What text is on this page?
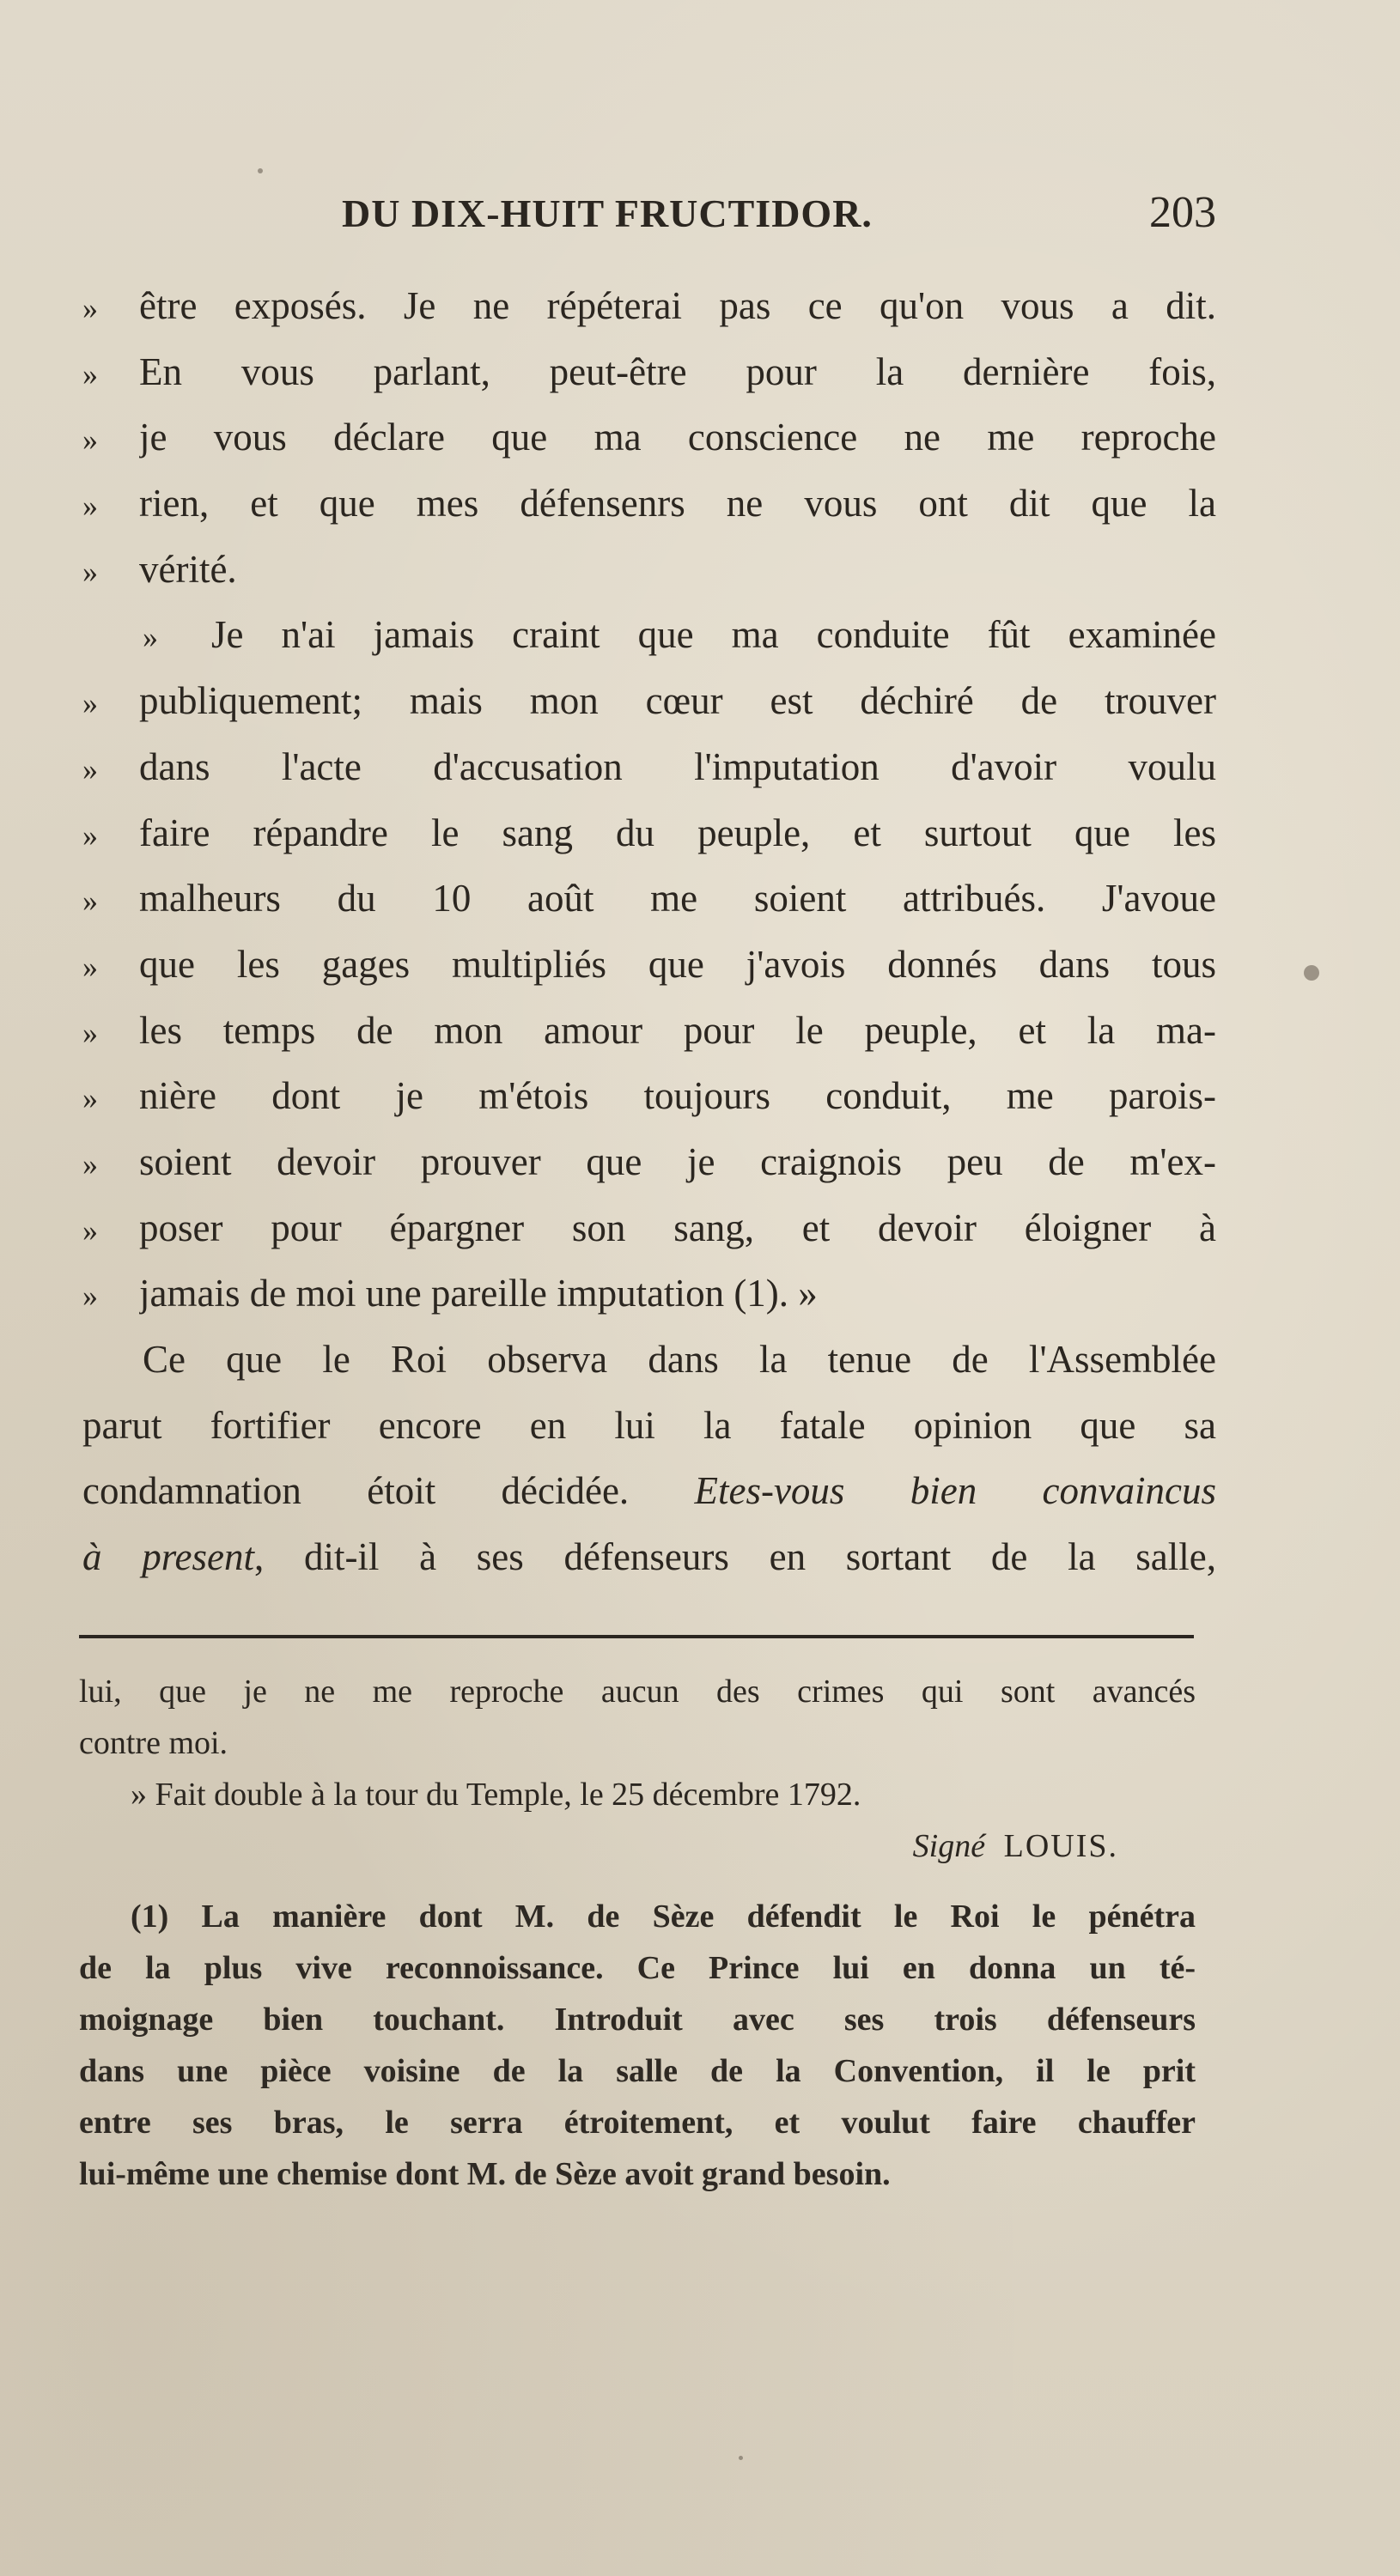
DU DIX-HUIT FRUCTIDOR.	203
»	être exposés. Je ne répéterai pas ce qu'on vous a dit.
»	En vous parlant, peut-être pour la dernière fois,
»	je vous déclare que ma conscience ne me reproche
»	rien, et que mes défensenrs ne vous ont dit que la
»	vérité.
»	Je n'ai jamais craint que ma conduite fût examinée
»	publiquement; mais mon cœur est déchiré de trouver
»	dans l'acte d'accusation l'imputation d'avoir voulu
»	faire répandre le sang du peuple, et surtout que les
»	malheurs du 10 août me soient attribués. J'avoue
»	que les gages multipliés que j'avois donnés dans tous
»	les temps de mon amour pour le peuple, et la ma-
»	nière dont je m'étois toujours conduit, me parois-
»	soient devoir prouver que je craignois peu de m'ex-
»	poser pour épargner son sang, et devoir éloigner à
»	jamais de moi une pareille imputation (1). »
Ce que le Roi observa dans la tenue de l'Assemblée
parut fortifier encore en lui la fatale opinion que sa
condamnation étoit décidée. Etes-vous bien convaincus
à present, dit-il à ses défenseurs en sortant de la salle,
lui, que je ne me reproche aucun des crimes qui sont avancés
contre moi.
» Fait double à la tour du Temple, le 25 décembre 1792.
Signé LOUIS.
(1) La manière dont M. de Sèze défendit le Roi le pénétra
de la plus vive reconnoissance. Ce Prince lui en donna un té-
moignage bien touchant. Introduit avec ses trois défenseurs
dans une pièce voisine de la salle de la Convention, il le prit
entre ses bras, le serra étroitement, et voulut faire chauffer
lui-même une chemise dont M. de Sèze avoit grand besoin.
